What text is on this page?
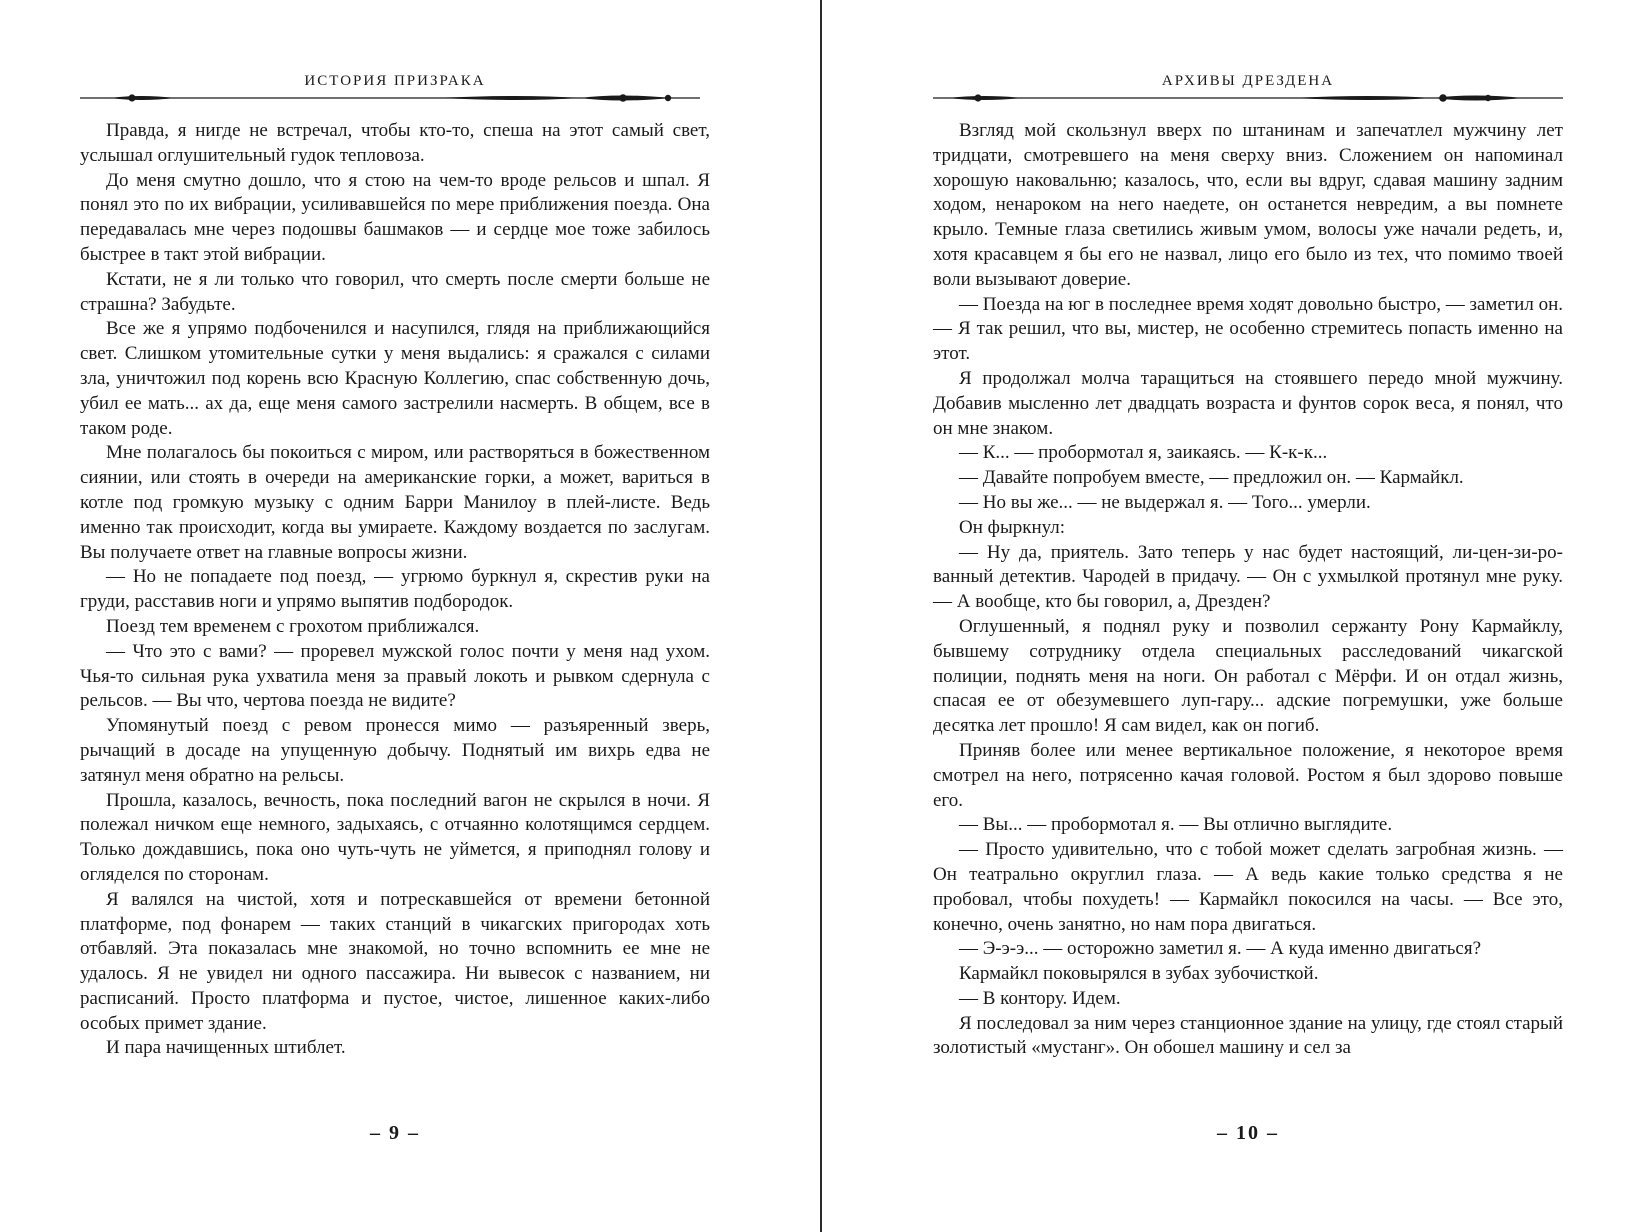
ИСТОРИЯ ПРИЗРАКА

Правда, я нигде не встречал, чтобы кто-то, спеша на этот самый свет, услышал оглушительный гудок тепловоза.

До меня смутно дошло, что я стою на чем-то вроде рельсов и шпал. Я понял это по их вибрации, усиливавшейся по мере приближения поезда. Она передавалась мне через подошвы башмаков — и сердце мое тоже забилось быстрее в такт этой вибрации.

Кстати, не я ли только что говорил, что смерть после смерти больше не страшна? Забудьте.

Все же я упрямо подбоченился и насупился, глядя на приближающийся свет. Слишком утомительные сутки у меня выдались: я сражался с силами зла, уничтожил под корень всю Красную Коллегию, спас собственную дочь, убил ее мать... ах да, еще меня самого застрелили насмерть. В общем, все в таком роде.

Мне полагалось бы покоиться с миром, или растворяться в божественном сиянии, или стоять в очереди на американские горки, а может, вариться в котле под громкую музыку с одним Барри Манилоу в плей-листе. Ведь именно так происходит, когда вы умираете. Каждому воздается по заслугам. Вы получаете ответ на главные вопросы жизни.

— Но не попадаете под поезд, — угрюмо буркнул я, скрестив руки на груди, расставив ноги и упрямо выпятив подбородок.

Поезд тем временем с грохотом приближался.

— Что это с вами? — проревел мужской голос почти у меня над ухом. Чья-то сильная рука ухватила меня за правый локоть и рывком сдернула с рельсов. — Вы что, чертова поезда не видите?

Упомянутый поезд с ревом пронесся мимо — разъяренный зверь, рычащий в досаде на упущенную добычу. Поднятый им вихрь едва не затянул меня обратно на рельсы.

Прошла, казалось, вечность, пока последний вагон не скрылся в ночи. Я полежал ничком еще немного, задыхаясь, с отчаянно колотящимся сердцем. Только дождавшись, пока оно чуть-чуть не уймется, я приподнял голову и огляделся по сторонам.

Я валялся на чистой, хотя и потрескавшейся от времени бетонной платформе, под фонарем — таких станций в чикагских пригородах хоть отбавляй. Эта показалась мне знакомой, но точно вспомнить ее мне не удалось. Я не увидел ни одного пассажира. Ни вывесок с названием, ни расписаний. Просто платформа и пустое, чистое, лишенное каких-либо особых примет здание.

И пара начищенных штиблет.

– 9 –
АРХИВЫ ДРЕЗДЕНА

Взгляд мой скользнул вверх по штанинам и запечатлел мужчину лет тридцати, смотревшего на меня сверху вниз. Сложением он напоминал хорошую наковальню; казалось, что, если вы вдруг, сдавая машину задним ходом, ненароком на него наедете, он останется невредим, а вы помнете крыло. Темные глаза светились живым умом, волосы уже начали редеть, и, хотя красавцем я бы его не назвал, лицо его было из тех, что помимо твоей воли вызывают доверие.

— Поезда на юг в последнее время ходят довольно быстро, — заметил он. — Я так решил, что вы, мистер, не особенно стремитесь попасть именно на этот.

Я продолжал молча таращиться на стоявшего передо мной мужчину. Добавив мысленно лет двадцать возраста и фунтов сорок веса, я понял, что он мне знаком.

— К... — пробормотал я, заикаясь. — К-к-к...

— Давайте попробуем вместе, — предложил он. — Кармайкл.

— Но вы же... — не выдержал я. — Того... умерли.

Он фыркнул:

— Ну да, приятель. Зато теперь у нас будет настоящий, ли-цен-зи-ро-ванный детектив. Чародей в придачу. — Он с ухмылкой протянул мне руку. — А вообще, кто бы говорил, а, Дрезден?

Оглушенный, я поднял руку и позволил сержанту Рону Кармайклу, бывшему сотруднику отдела специальных расследований чикагской полиции, поднять меня на ноги. Он работал с Мёрфи. И он отдал жизнь, спасая ее от обезумевшего луп-гару... адские погремушки, уже больше десятка лет прошло! Я сам видел, как он погиб.

Приняв более или менее вертикальное положение, я некоторое время смотрел на него, потрясенно качая головой. Ростом я был здорово повыше его.

— Вы... — пробормотал я. — Вы отлично выглядите.

— Просто удивительно, что с тобой может сделать загробная жизнь. — Он театрально округлил глаза. — А ведь какие только средства я не пробовал, чтобы похудеть! — Кармайкл покосился на часы. — Все это, конечно, очень занятно, но нам пора двигаться.

— Э-э-э... — осторожно заметил я. — А куда именно двигаться?

Кармайкл поковырялся в зубах зубочисткой.

— В контору. Идем.

Я последовал за ним через станционное здание на улицу, где стоял старый золотистый «мустанг». Он обошел машину и сел за

– 10 –
